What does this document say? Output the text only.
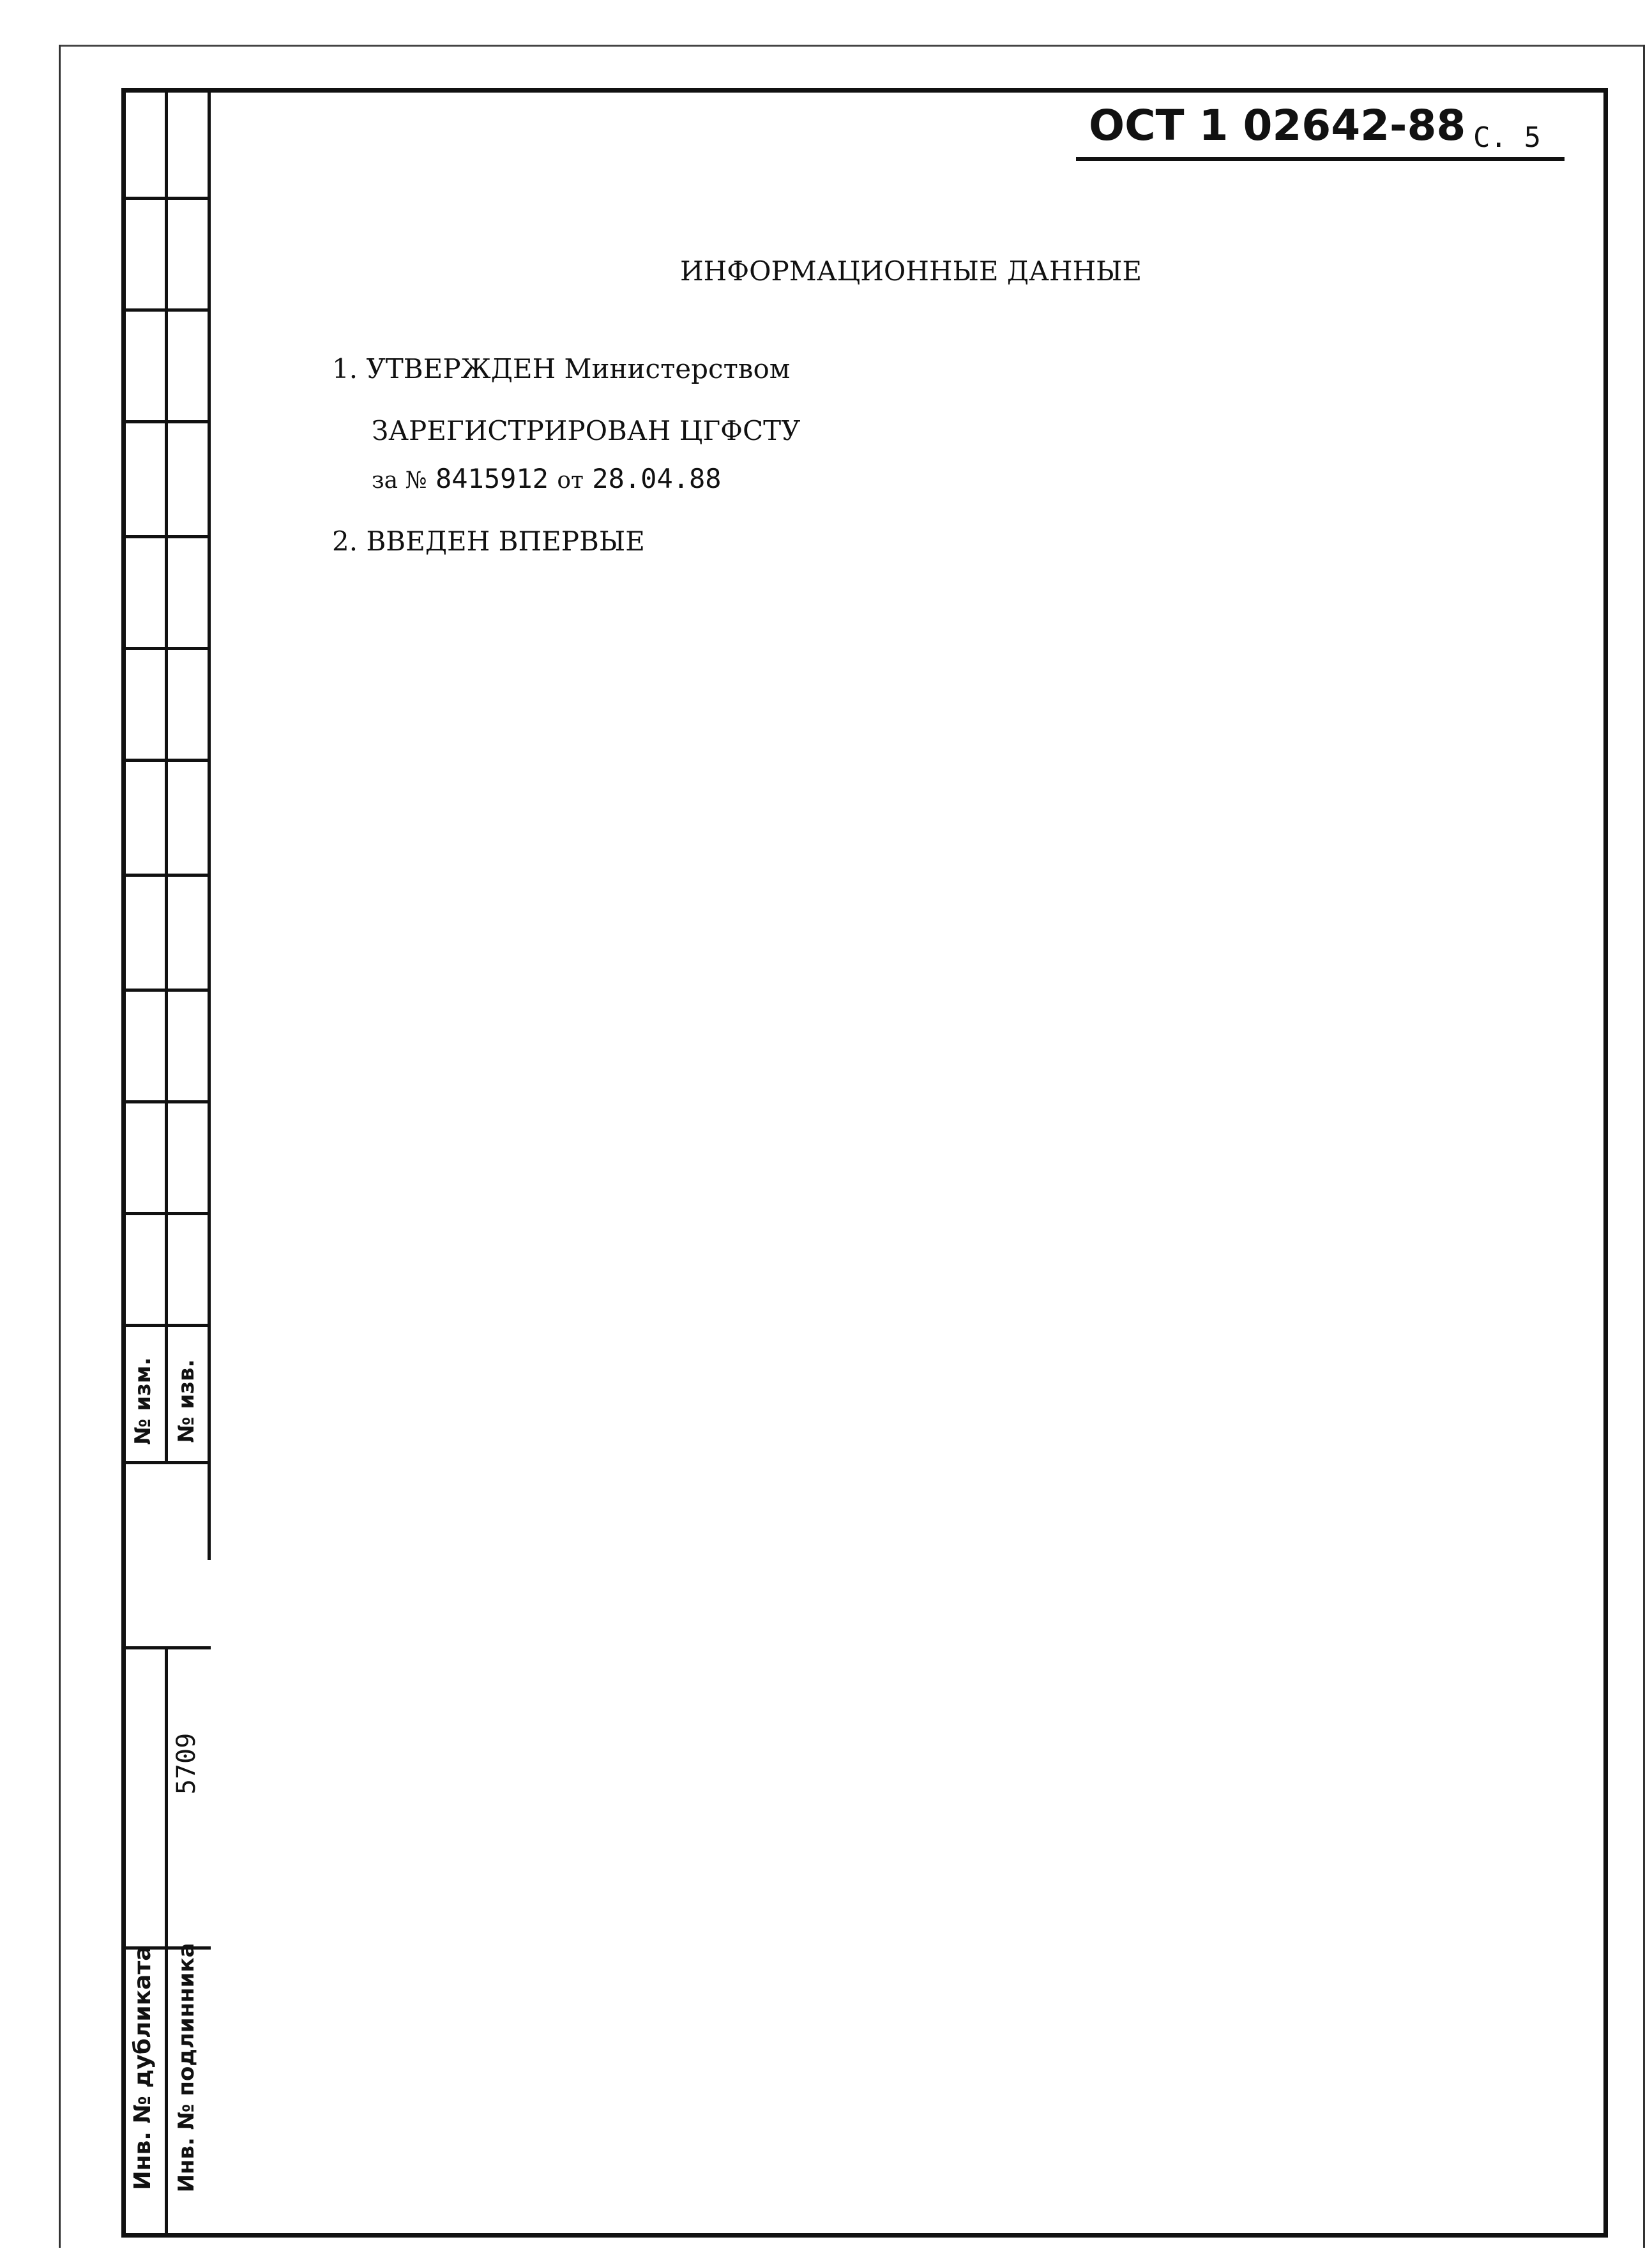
№ изм. № изв.
Инв. № дубликата Инв. № подлинника
5709
ОСТ 1 02642-88 С. 5
ИНФОРМАЦИОННЫЕ ДАННЫЕ
1. УТВЕРЖДЕН Министерством
ЗАРЕГИСТРИРОВАН ЦГФСТУ
за № 8415912 от 28.04.88
2. ВВЕДЕН ВПЕРВЫЕ
